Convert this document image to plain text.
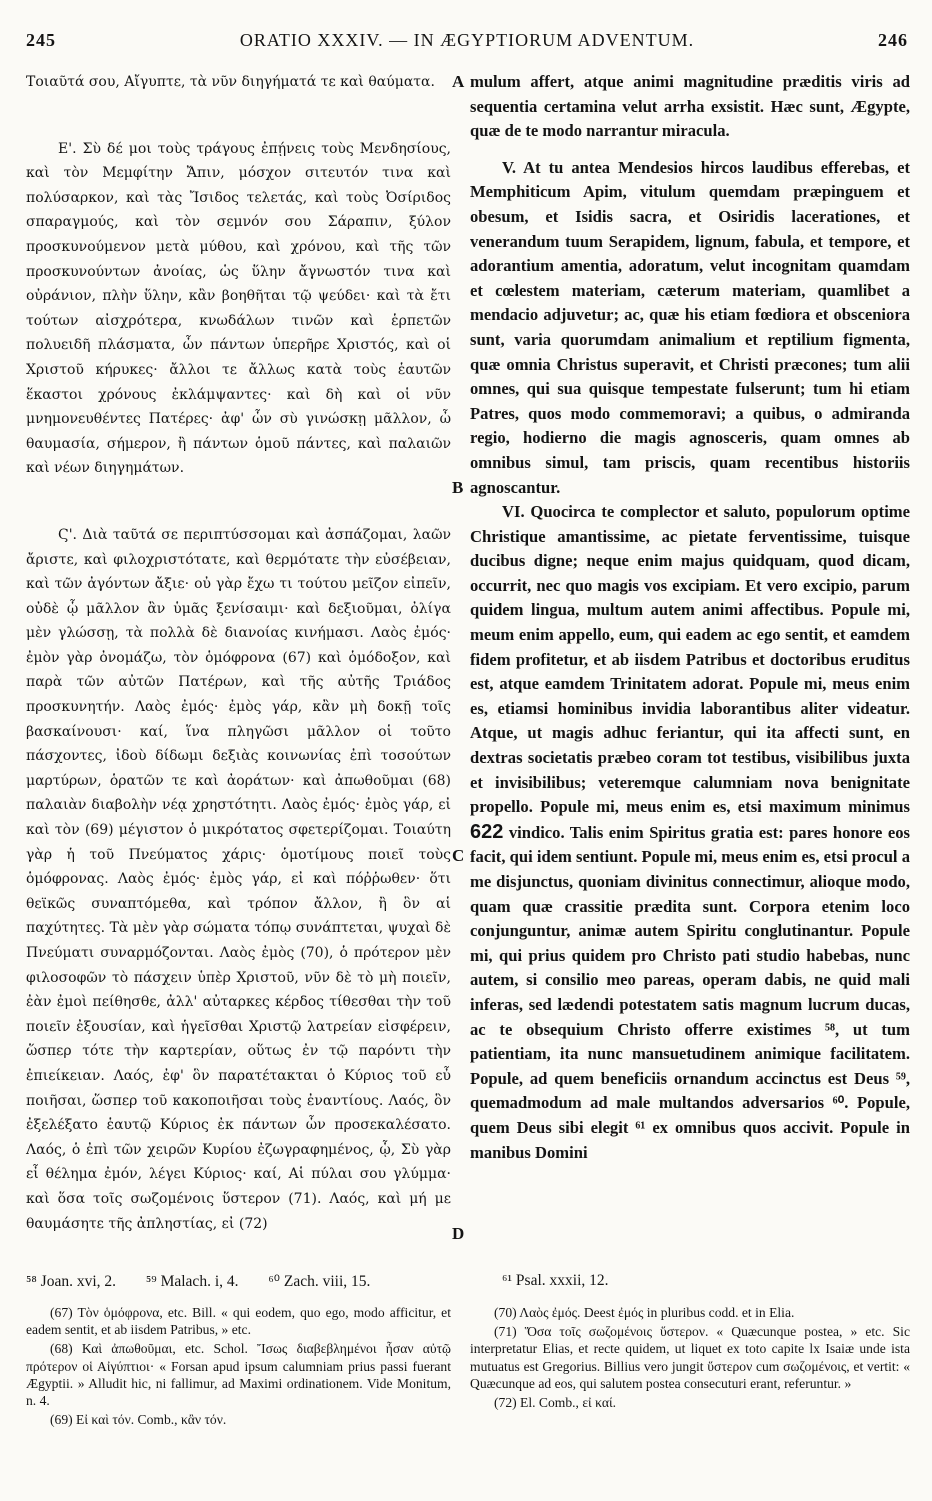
245	ORATIO XXXIV. — IN ÆGYPTIORUM ADVENTUM.	246

Τοιαῦτά σου, Αἴγυπτε, τὰ νῦν διηγήματά τε καὶ θαύματα.

Ε'. Σὺ δέ μοι τοὺς τράγους ἐπῄνεις τοὺς Μενδησίους, καὶ τὸν Μεμφίτην Ἄπιν, μόσχον σιτευτόν τινα καὶ πολύσαρκον, καὶ τὰς Ἴσιδος τελετάς, καὶ τοὺς Ὀσίριδος σπαραγμούς, καὶ τὸν σεμνόν σου Σάραπιν, ξύλον προσκυνούμενον μετὰ μύθου, καὶ χρόνου, καὶ τῆς τῶν προσκυνούντων ἀνοίας, ὡς ὕλην ἄγνωστόν τινα καὶ οὐράνιον, πλὴν ὕλην, κἂν βοηθῆται τῷ ψεύδει· καὶ τὰ ἔτι τούτων αἰσχρότερα, κνωδάλων τινῶν καὶ ἑρπετῶν πολυειδῆ πλάσματα, ὧν πάντων ὑπερῆρε Χριστός, καὶ οἱ Χριστοῦ κήρυκες· ἄλλοι τε ἄλλως κατὰ τοὺς ἑαυτῶν ἕκαστοι χρόνους ἐκλάμψαντες· καὶ δὴ καὶ οἱ νῦν μνημονευθέντες Πατέρες· ἀφ' ὧν σὺ γινώσκῃ μᾶλλον, ὦ θαυμασία, σήμερον, ἢ πάντων ὁμοῦ πάντες, καὶ παλαιῶν καὶ νέων διηγημάτων.

Ϛ'. Διὰ ταῦτά σε περιπτύσσομαι καὶ ἀσπάζομαι, λαῶν ἄριστε, καὶ φιλοχριστότατε, καὶ θερμότατε τὴν εὐσέβειαν, καὶ τῶν ἀγόντων ἄξιε· οὐ γὰρ ἔχω τι τούτου μεῖζον εἰπεῖν, οὐδὲ ᾧ μᾶλλον ἂν ὑμᾶς ξενίσαιμι· καὶ δεξιοῦμαι, ὀλίγα μὲν γλώσσῃ, τὰ πολλὰ δὲ διανοίας κινήμασι. Λαὸς ἐμός· ἐμὸν γὰρ ὀνομάζω, τὸν ὁμόφρονα (67) καὶ ὁμόδοξον, καὶ παρὰ τῶν αὐτῶν Πατέρων, καὶ τῆς αὐτῆς Τριάδος προσκυνητήν. Λαὸς ἐμός· ἐμὸς γάρ, κἂν μὴ δοκῇ τοῖς βασκαίνουσι· καί, ἵνα πληγῶσι μᾶλλον οἱ τοῦτο πάσχοντες, ἰδοὺ δίδωμι δεξιὰς κοινωνίας ἐπὶ τοσούτων μαρτύρων, ὁρατῶν τε καὶ ἀοράτων· καὶ ἀπωθοῦμαι (68) παλαιὰν διαβολὴν νέᾳ χρηστότητι. Λαὸς ἐμός· ἐμὸς γάρ, εἰ καὶ τὸν (69) μέγιστον ὁ μικρότατος σφετερίζομαι. Τοιαύτη γὰρ ἡ τοῦ Πνεύματος χάρις· ὁμοτίμους ποιεῖ τοὺς ὁμόφρονας. Λαὸς ἐμός· ἐμὸς γάρ, εἰ καὶ πόῤῥωθεν· ὅτι θεϊκῶς συναπτόμεθα, καὶ τρόπον ἄλλον, ἢ ὃν αἱ παχύτητες. Τὰ μὲν γὰρ σώματα τόπῳ συνάπτεται, ψυχαὶ δὲ Πνεύματι συναρμόζονται. Λαὸς ἐμὸς (70), ὁ πρότερον μὲν φιλοσοφῶν τὸ πάσχειν ὑπὲρ Χριστοῦ, νῦν δὲ τὸ μὴ ποιεῖν, ἐὰν ἐμοὶ πείθησθε, ἀλλ' αὐταρκες κέρδος τίθεσθαι τὴν τοῦ ποιεῖν ἐξουσίαν, καὶ ἡγεῖσθαι Χριστῷ λατρείαν εἰσφέρειν, ὥσπερ τότε τὴν καρτερίαν, οὕτως ἐν τῷ παρόντι τὴν ἐπιείκειαν. Λαός, ἐφ' ὃν παρατέτακται ὁ Κύριος τοῦ εὖ ποιῆσαι, ὥσπερ τοῦ κακοποιῆσαι τοὺς ἐναντίους. Λαός, ὃν ἐξελέξατο ἑαυτῷ Κύριος ἐκ πάντων ὧν προσεκαλέσατο. Λαός, ὁ ἐπὶ τῶν χειρῶν Κυρίου ἐζωγραφημένος, ᾧ, Σὺ γὰρ εἶ θέλημα ἐμόν, λέγει Κύριος· καί, Αἱ πύλαι σου γλύμμα· καὶ ὅσα τοῖς σωζομένοις ὕστερον (71). Λαός, καὶ μή με θαυμάσητε τῆς ἀπληστίας, εἰ (72)

A
B
C
D

mulum affert, atque animi magnitudine præditis viris ad sequentia certamina velut arrha exsistit. Hæc sunt, Ægypte, quæ de te modo narrantur miracula.

V. At tu antea Mendesios hircos laudibus efferebas, et Memphiticum Apim, vitulum quemdam præpinguem et obesum, et Isidis sacra, et Osiridis lacerationes, et venerandum tuum Serapidem, lignum, fabula, et tempore, et adorantium amentia, adoratum, velut incognitam quamdam et cœlestem materiam, cæterum materiam, quamlibet a mendacio adjuvetur; ac, quæ his etiam fœdiora et obsceniora sunt, varia quorumdam animalium et reptilium figmenta, quæ omnia Christus superavit, et Christi præcones; tum alii omnes, qui sua quisque tempestate fulserunt; tum hi etiam Patres, quos modo commemoravi; a quibus, o admiranda regio, hodierno die magis agnosceris, quam omnes ab omnibus simul, tam priscis, quam recentibus historiis agnoscantur.

VI. Quocirca te complector et saluto, populorum optime Christique amantissime, ac pietate ferventissime, tuisque ducibus digne; neque enim majus quidquam, quod dicam, occurrit, nec quo magis vos excipiam. Et vero excipio, parum quidem lingua, multum autem animi affectibus. Popule mi, meum enim appello, eum, qui eadem ac ego sentit, et eamdem fidem profitetur, et ab iisdem Patribus et doctoribus eruditus est, atque eamdem Trinitatem adorat. Popule mi, meus enim es, etiamsi hominibus invidia laborantibus aliter videatur. Atque, ut magis adhuc feriantur, qui ita affecti sunt, en dextras societatis præbeo coram tot testibus, visibilibus juxta et invisibilibus; veteremque calumniam nova benignitate propello. Popule mi, meus enim es, etsi maximum minimus 622 vindico. Talis enim Spiritus gratia est: pares honore eos facit, qui idem sentiunt. Popule mi, meus enim es, etsi procul a me disjunctus, quoniam divinitus connectimur, alioque modo, quam quæ crassitie prædita sunt. Corpora etenim loco conjunguntur, animæ autem Spiritu conglutinantur. Popule mi, qui prius quidem pro Christo pati studio habebas, nunc autem, si consilio meo pareas, operam dabis, ne quid mali inferas, sed lædendi potestatem satis magnum lucrum ducas, ac te obsequium Christo offerre existimes ⁵⁸, ut tum patientiam, ita nunc mansuetudinem animique facilitatem. Popule, ad quem beneficiis ornandum accinctus est Deus ⁵⁹, quemadmodum ad male multandos adversarios ⁶⁰. Popule, quem Deus sibi elegit ⁶¹ ex omnibus quos accivit. Popule in manibus Domini

⁵⁸ Joan. xvi, 2. ⁵⁹ Malach. i, 4. ⁶⁰ Zach. viii, 15.	⁶¹ Psal. xxxii, 12.

(67) Τὸν ὁμόφρονα, etc. Bill. « qui eodem, quo ego, modo afficitur, et eadem sentit, et ab iisdem Patribus, » etc.

(68) Καὶ ἀπωθοῦμαι, etc. Schol. Ἴσως διαβεβλημένοι ἦσαν αὐτῷ πρότερον οἱ Αἰγύπτιοι· « Forsan apud ipsum calumniam prius passi fuerant Ægyptii. » Alludit hic, ni fallimur, ad Maximi ordinationem. Vide Monitum, n. 4.

(69) Εἰ καὶ τόν. Comb., κἂν τόν.

(70) Λαὸς ἐμός. Deest ἐμός in pluribus codd. et in Elia.

(71) Ὅσα τοῖς σωζομένοις ὕστερον. « Quæcunque postea, » etc. Sic interpretatur Elias, et recte quidem, ut liquet ex toto capite lx Isaiæ unde ista mutuatus est Gregorius. Billius vero jungit ὕστερον cum σωζομένοις, et vertit: « Quæcunque ad eos, qui salutem postea consecuturi erant, referuntur. »

(72) El. Comb., εἰ καί.
